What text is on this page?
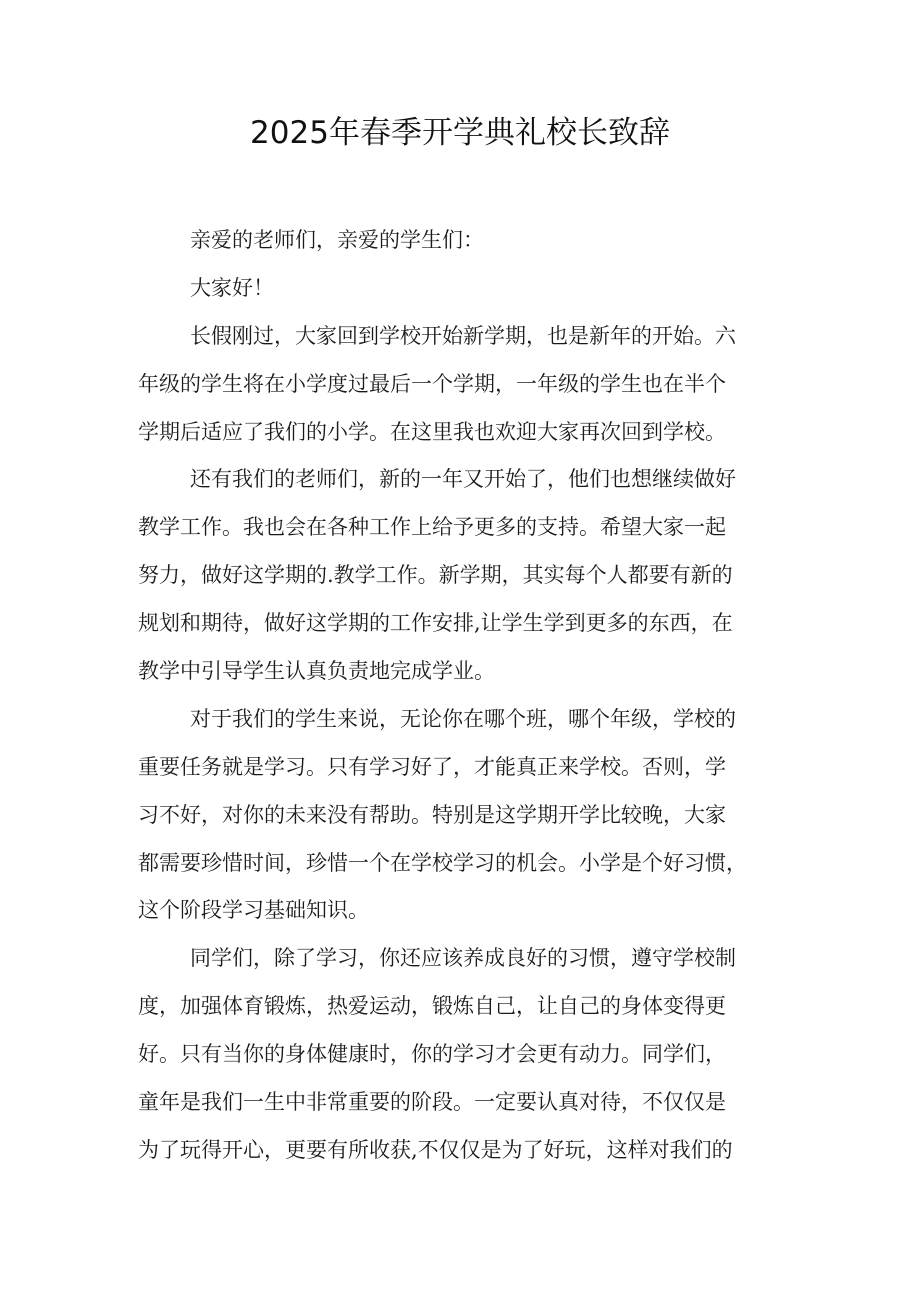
2025年春季开学典礼校长致辞
亲爱的老师们，亲爱的学生们：
大家好！
长假刚过，大家回到学校开始新学期，也是新年的开始。六
年级的学生将在小学度过最后一个学期，一年级的学生也在半个
学期后适应了我们的小学。在这里我也欢迎大家再次回到学校。
还有我们的老师们，新的一年又开始了，他们也想继续做好
教学工作。我也会在各种工作上给予更多的支持。希望大家一起
努力，做好这学期的.教学工作。新学期，其实每个人都要有新的
规划和期待，做好这学期的工作安排,让学生学到更多的东西，在
教学中引导学生认真负责地完成学业。
对于我们的学生来说，无论你在哪个班，哪个年级，学校的
重要任务就是学习。只有学习好了，才能真正来学校。否则，学
习不好，对你的未来没有帮助。特别是这学期开学比较晚，大家
都需要珍惜时间，珍惜一个在学校学习的机会。小学是个好习惯，
这个阶段学习基础知识。
同学们，除了学习，你还应该养成良好的习惯，遵守学校制
度，加强体育锻炼，热爱运动，锻炼自己，让自己的身体变得更
好。只有当你的身体健康时，你的学习才会更有动力。同学们，
童年是我们一生中非常重要的阶段。一定要认真对待，不仅仅是
为了玩得开心，更要有所收获,不仅仅是为了好玩，这样对我们的
